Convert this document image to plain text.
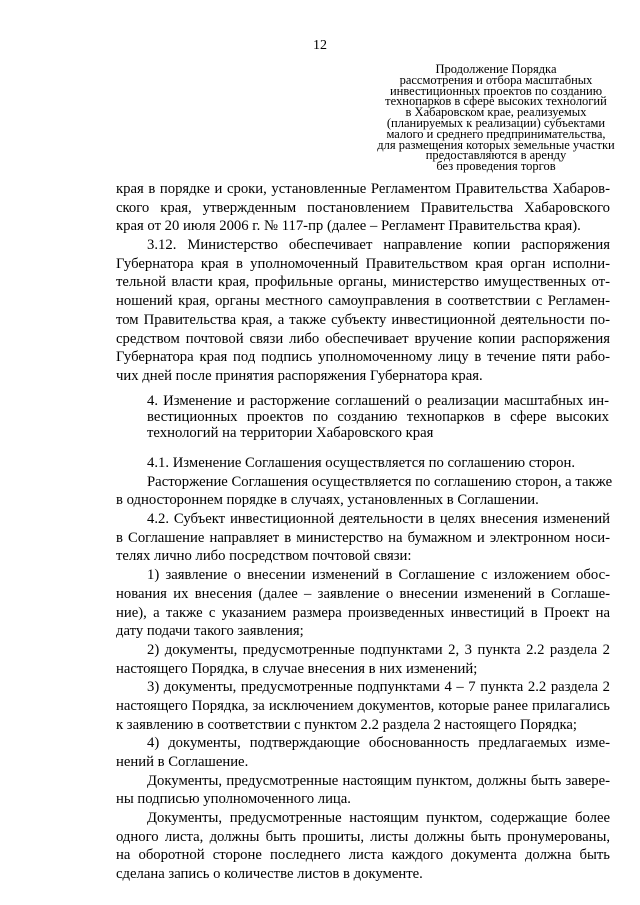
12
Продолжение Порядка
рассмотрения и отбора масштабных
инвестиционных проектов по созданию
технопарков в сфере высоких технологий
в Хабаровском крае, реализуемых
(планируемых к реализации) субъектами
малого и среднего предпринимательства,
для размещения которых земельные участки
предоставляются в аренду
без проведения торгов
края в порядке и сроки, установленные Регламентом Правительства Хабаров-
ского края, утвержденным постановлением Правительства Хабаровского
края от 20 июля 2006 г. № 117-пр (далее – Регламент Правительства края).
3.12. Министерство обеспечивает направление копии распоряжения
Губернатора края в уполномоченный Правительством края орган исполни-
тельной власти края, профильные органы, министерство имущественных от-
ношений края, органы местного самоуправления в соответствии с Регламен-
том Правительства края, а также субъекту инвестиционной деятельности по-
средством почтовой связи либо обеспечивает вручение копии распоряжения
Губернатора края под подпись уполномоченному лицу в течение пяти рабо-
чих дней после принятия распоряжения Губернатора края.
4. Изменение и расторжение соглашений о реализации масштабных ин-
вестиционных проектов по созданию технопарков в сфере высоких
технологий на территории Хабаровского края
4.1. Изменение Соглашения осуществляется по соглашению сторон.
Расторжение Соглашения осуществляется по соглашению сторон, а также
в одностороннем порядке в случаях, установленных в Соглашении.
4.2. Субъект инвестиционной деятельности в целях внесения изменений
в Соглашение направляет в министерство на бумажном и электронном носи-
телях лично либо посредством почтовой связи:
1) заявление о внесении изменений в Соглашение с изложением обос-
нования их внесения (далее – заявление о внесении изменений в Соглаше-
ние), а также с указанием размера произведенных инвестиций в Проект на
дату подачи такого заявления;
2) документы, предусмотренные подпунктами 2, 3 пункта 2.2 раздела 2
настоящего Порядка, в случае внесения в них изменений;
3) документы, предусмотренные подпунктами 4 – 7 пункта 2.2 раздела 2
настоящего Порядка, за исключением документов, которые ранее прилагались
к заявлению в соответствии с пунктом 2.2 раздела 2 настоящего Порядка;
4) документы, подтверждающие обоснованность предлагаемых изме-
нений в Соглашение.
Документы, предусмотренные настоящим пунктом, должны быть завере-
ны подписью уполномоченного лица.
Документы, предусмотренные настоящим пунктом, содержащие более
одного листа, должны быть прошиты, листы должны быть пронумерованы,
на оборотной стороне последнего листа каждого документа должна быть
сделана запись о количестве листов в документе.
